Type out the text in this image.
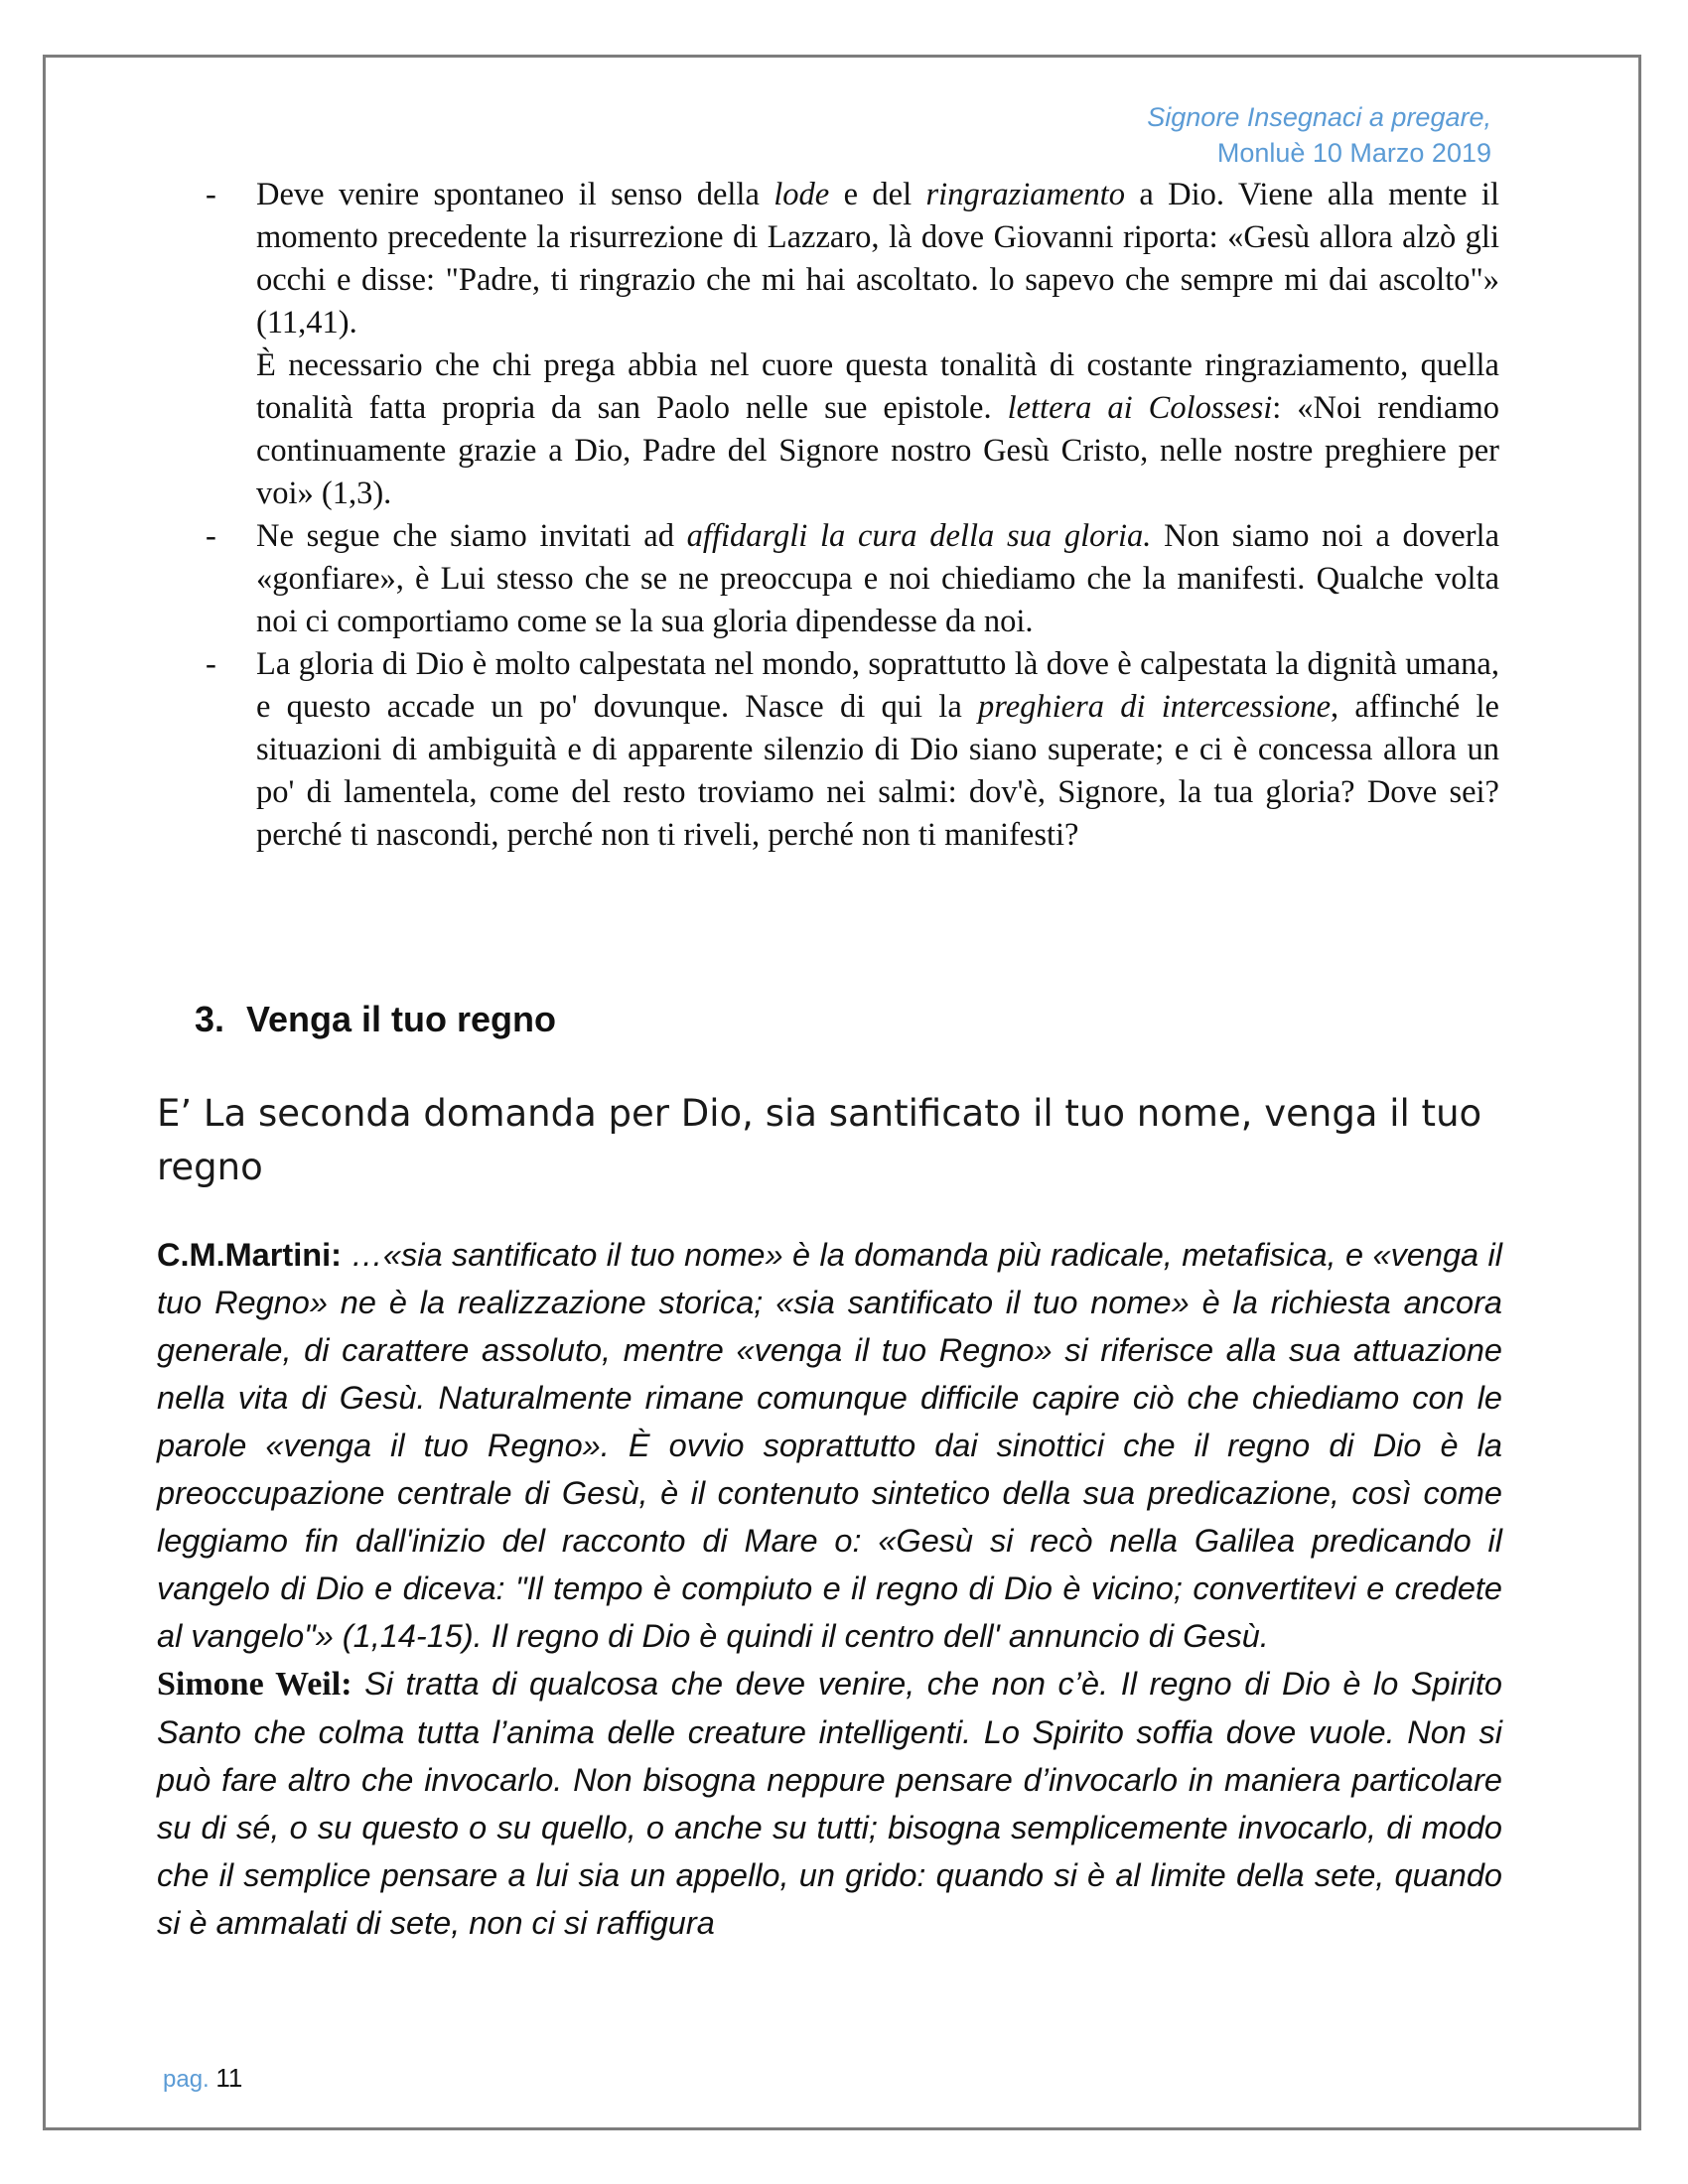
Signore Insegnaci a pregare,
Monluè 10 Marzo 2019
- Deve venire spontaneo il senso della lode e del ringraziamento a Dio. Viene alla mente il momento precedente la risurrezione di Lazzaro, là dove Giovanni riporta: «Gesù allora alzò gli occhi e disse: "Padre, ti ringrazio che mi hai ascoltato. lo sapevo che sempre mi dai ascolto"» (11,41).

È necessario che chi prega abbia nel cuore questa tonalità di costante ringraziamento, quella tonalità fatta propria da san Paolo nelle sue epistole. lettera ai Colossesi: «Noi rendiamo continuamente grazie a Dio, Padre del Signore nostro Gesù Cristo, nelle nostre preghiere per voi» (1,3).

- Ne segue che siamo invitati ad affidargli la cura della sua gloria. Non siamo noi a doverla «gonfiare», è Lui stesso che se ne preoccupa e noi chiediamo che la manifesti. Qualche volta noi ci comportiamo come se la sua gloria dipendesse da noi.

- La gloria di Dio è molto calpestata nel mondo, soprattutto là dove è calpestata la dignità umana, e questo accade un po' dovunque. Nasce di qui la preghiera di intercessione, affinché le situazioni di ambiguità e di apparente silenzio di Dio siano superate; e ci è concessa allora un po' di lamentela, come del resto troviamo nei salmi: dov'è, Signore, la tua gloria? Dove sei? perché ti nascondi, perché non ti riveli, perché non ti manifesti?

3. Venga il tuo regno
E’ La seconda domanda per Dio, sia santificato il tuo nome, venga il tuo regno

C.M.Martini: …«sia santificato il tuo nome» è la domanda più radicale, metafisica, e «venga il tuo Regno» ne è la realizzazione storica; «sia santificato il tuo nome» è la richiesta ancora generale, di carattere assoluto, mentre «venga il tuo Regno» si riferisce alla sua attuazione nella vita di Gesù. Naturalmente rimane comunque difficile capire ciò che chiediamo con le parole «venga il tuo Regno». È ovvio soprattutto dai sinottici che il regno di Dio è la preoccupazione centrale di Gesù, è il contenuto sintetico della sua predicazione, così come leggiamo fin dall'inizio del racconto di Mare o: «Gesù si recò nella Galilea predicando il vangelo di Dio e diceva: "Il tempo è compiuto e il regno di Dio è vicino; convertitevi e credete al vangelo"» (1,14-15). Il regno di Dio è quindi il centro dell' annuncio di Gesù.

Simone Weil: Si tratta di qualcosa che deve venire, che non c’è. Il regno di Dio è lo Spirito Santo che colma tutta l’anima delle creature intelligenti. Lo Spirito soffia dove vuole. Non si può fare altro che invocarlo. Non bisogna neppure pensare d’invocarlo in maniera particolare su di sé, o su questo o su quello, o anche su tutti; bisogna semplicemente invocarlo, di modo che il semplice pensare a lui sia un appello, un grido: quando si è al limite della sete, quando si è ammalati di sete, non ci si raffigura

pag. 11
